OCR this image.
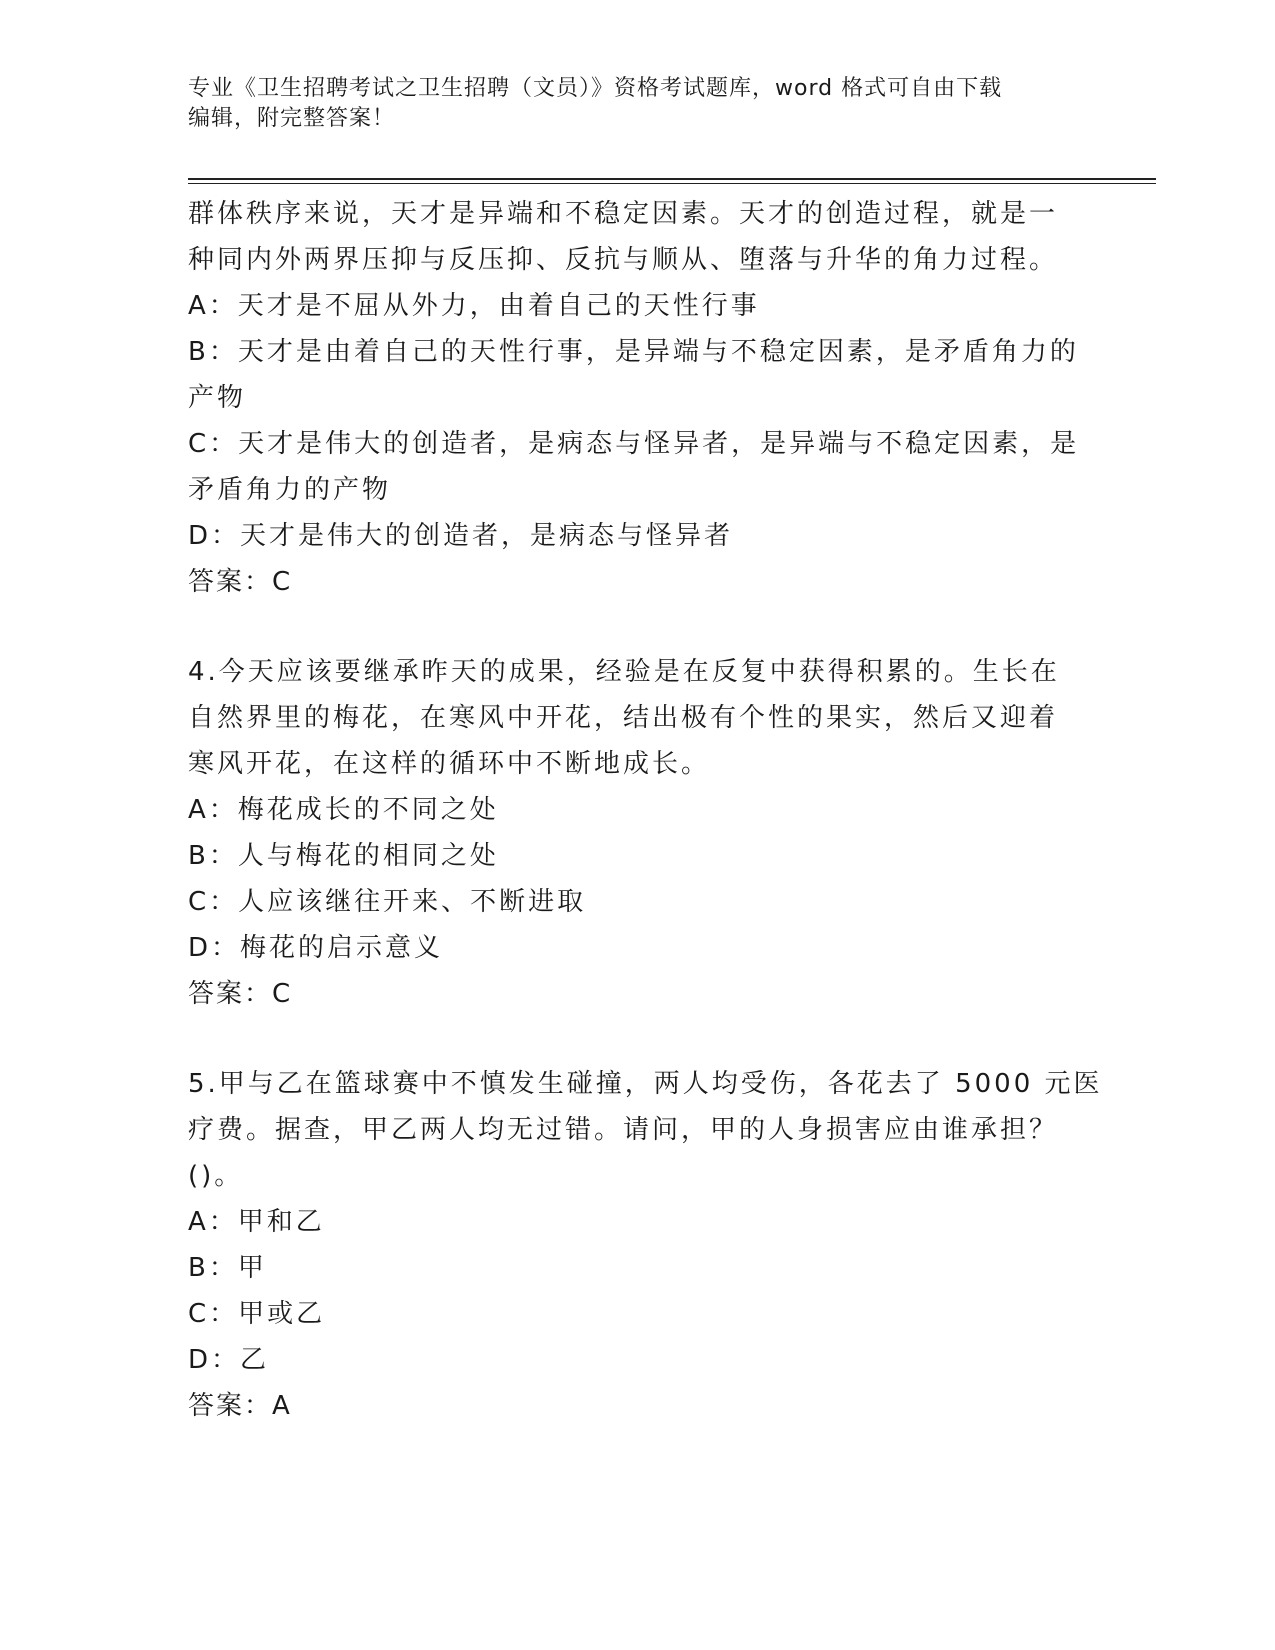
专业《卫生招聘考试之卫生招聘（文员）》资格考试题库，word 格式可自由下载
编辑，附完整答案！
群体秩序来说，天才是异端和不稳定因素。天才的创造过程，就是一
种同内外两界压抑与反压抑、反抗与顺从、堕落与升华的角力过程。
A：天才是不屈从外力，由着自己的天性行事
B：天才是由着自己的天性行事，是异端与不稳定因素，是矛盾角力的
产物
C：天才是伟大的创造者，是病态与怪异者，是异端与不稳定因素，是
矛盾角力的产物
D：天才是伟大的创造者，是病态与怪异者
答案：C
4.今天应该要继承昨天的成果，经验是在反复中获得积累的。生长在
自然界里的梅花，在寒风中开花，结出极有个性的果实，然后又迎着
寒风开花，在这样的循环中不断地成长。
A：梅花成长的不同之处
B：人与梅花的相同之处
C：人应该继往开来、不断进取
D：梅花的启示意义
答案：C
5.甲与乙在篮球赛中不慎发生碰撞，两人均受伤，各花去了 5000 元医
疗费。据查，甲乙两人均无过错。请问，甲的人身损害应由谁承担？
()。
A：甲和乙
B：甲
C：甲或乙
D：乙
答案：A
